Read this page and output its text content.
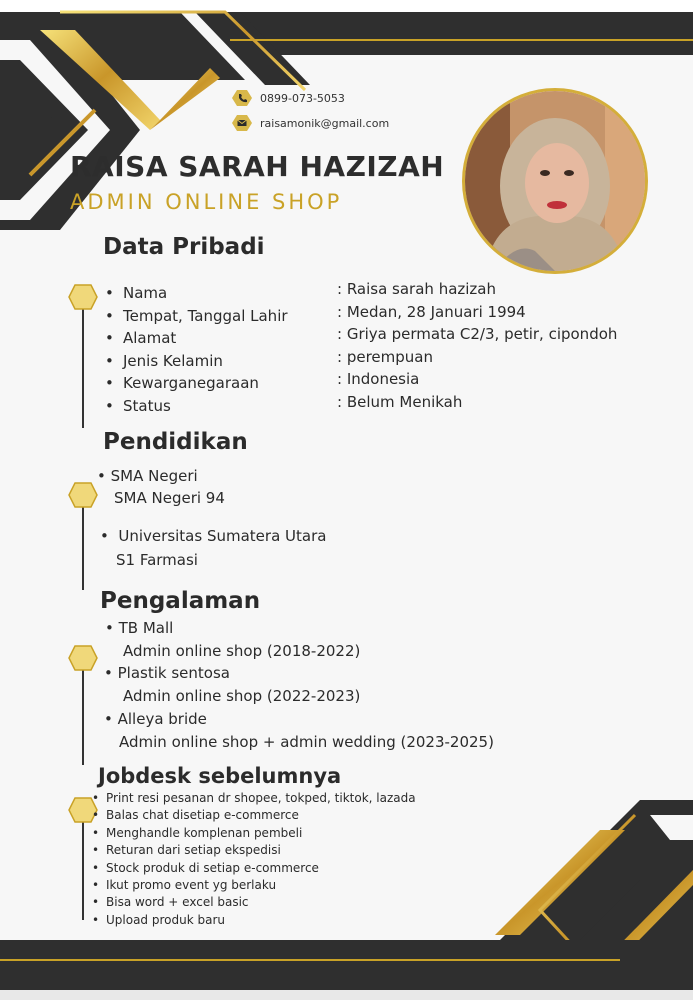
0899-073-5053
raisamonik@gmail.com
RAISA SARAH HAZIZAH
ADMIN ONLINE SHOP
Data Pribadi
• Nama
• Tempat, Tanggal Lahir
• Alamat
• Jenis Kelamin
• Kewarganegaraan
• Status
: Raisa sarah hazizah
: Medan, 28 Januari 1994
: Griya permata C2/3, petir, cipondoh
: perempuan
: Indonesia
: Belum Menikah
Pendidikan
• SMA Negeri
SMA Negeri 94
•  Universitas Sumatera Utara
S1 Farmasi
Pengalaman
• TB Mall
Admin online shop (2018-2022)
• Plastik sentosa
Admin online shop (2022-2023)
• Alleya bride
Admin online shop + admin wedding (2023-2025)
Jobdesk sebelumnya
• Print resi pesanan dr shopee, tokped, tiktok, lazada
• Balas chat disetiap e-commerce
• Menghandle komplenan pembeli
• Returan dari setiap ekspedisi
• Stock produk di setiap e-commerce
• Ikut promo event yg berlaku
• Bisa word + excel basic
• Upload produk baru
